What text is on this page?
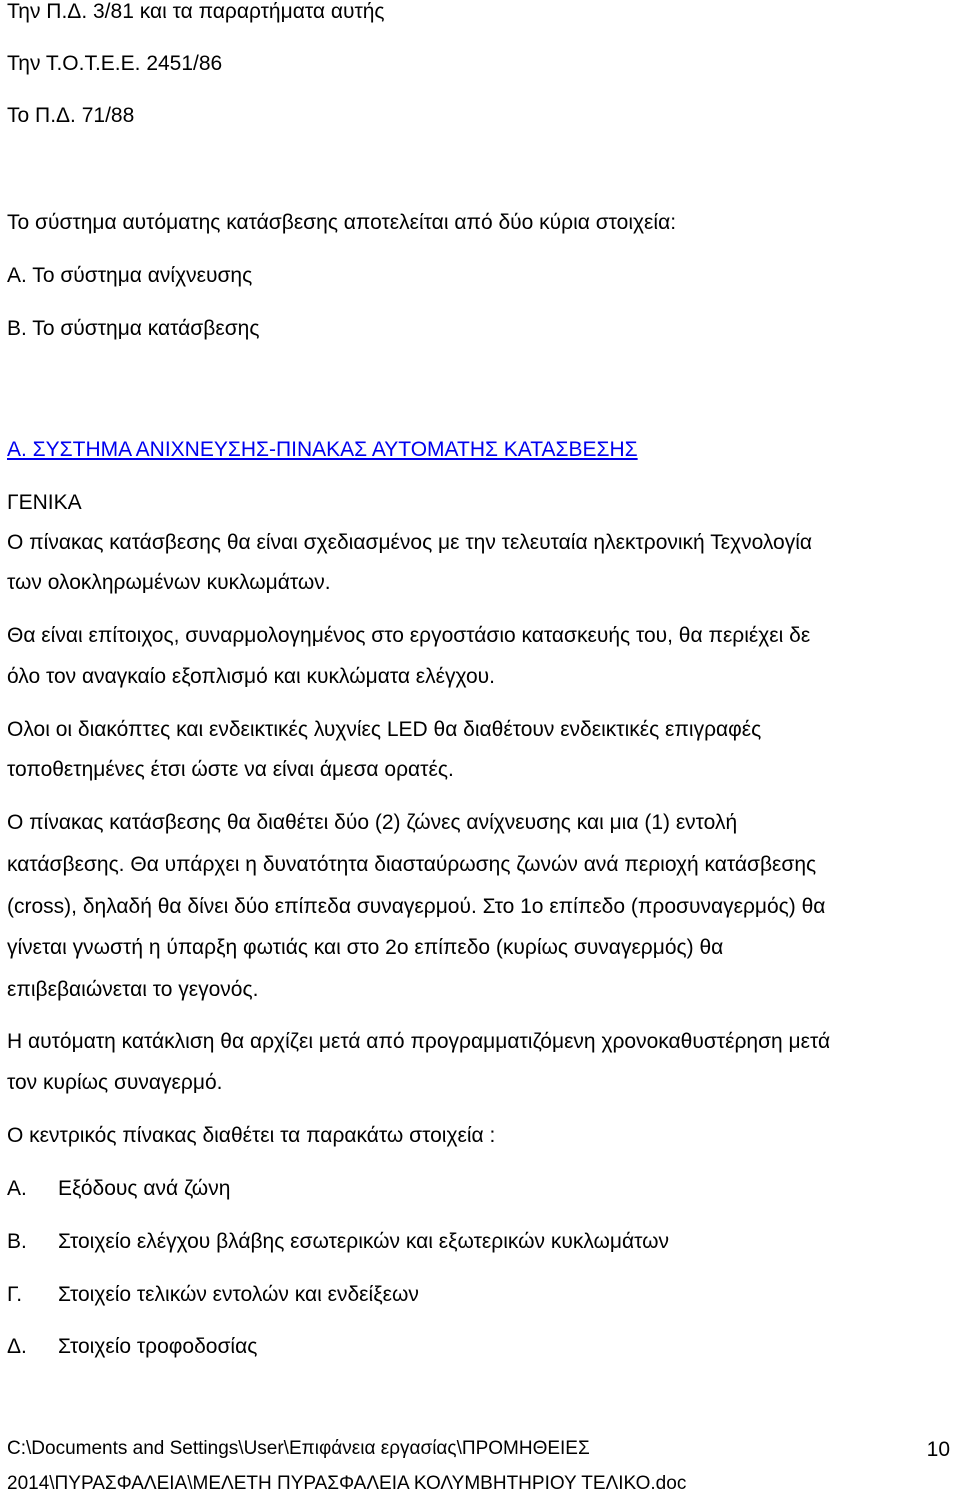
Την Π.Δ. 3/81 και τα παραρτήματα αυτής
Την Τ.Ο.Τ.Ε.Ε. 2451/86
Το Π.Δ. 71/88
Το σύστημα αυτόματης κατάσβεσης αποτελείται από δύο κύρια στοιχεία:
Α. Το σύστημα ανίχνευσης
Β. Το σύστημα κατάσβεσης
Α. ΣΥΣΤΗΜΑ ΑΝΙΧΝΕΥΣΗΣ-ΠΙΝΑΚΑΣ ΑΥΤΟΜΑΤΗΣ ΚΑΤΑΣΒΕΣΗΣ
ΓΕΝΙΚΑ
Ο πίνακας κατάσβεσης θα είναι σχεδιασμένος με την τελευταία ηλεκτρονική Τεχνολογία
των ολοκληρωμένων κυκλωμάτων.
Θα είναι επίτοιχος, συναρμολογημένος στο εργοστάσιο κατασκευής του, θα περιέχει δε
όλο τον αναγκαίο εξοπλισμό και κυκλώματα ελέγχου.
Ολοι οι διακόπτες και ενδεικτικές λυχνίες LED θα διαθέτουν ενδεικτικές επιγραφές
τοποθετημένες έτσι ώστε να είναι άμεσα ορατές.
Ο πίνακας κατάσβεσης θα διαθέτει δύο (2) ζώνες ανίχνευσης και μια (1) εντολή
κατάσβεσης. Θα υπάρχει η δυνατότητα διασταύρωσης ζωνών ανά περιοχή κατάσβεσης
(cross), δηλαδή θα δίνει δύο επίπεδα συναγερμού. Στο 1ο επίπεδο (προσυναγερμός) θα
γίνεται γνωστή η ύπαρξη φωτιάς και στο 2ο επίπεδο (κυρίως συναγερμός) θα
επιβεβαιώνεται το γεγονός.
Η αυτόματη κατάκλιση θα αρχίζει μετά από προγραμματιζόμενη χρονοκαθυστέρηση μετά
τον κυρίως συναγερμό.
Ο κεντρικός πίνακας διαθέτει τα παρακάτω στοιχεία :
Α. Εξόδους ανά ζώνη
Β. Στοιχείο ελέγχου βλάβης εσωτερικών και εξωτερικών κυκλωμάτων
Γ. Στοιχείο τελικών εντολών και ενδείξεων
Δ. Στοιχείο τροφοδοσίας
C:\Documents and Settings\User\Επιφάνεια εργασίας\ΠΡΟΜΗΘΕΙΕΣ
2014\ΠΥΡΑΣΦΑΛΕΙΑ\ΜΕΛΕΤΗ ΠΥΡΑΣΦΑΛΕΙΑ ΚΟΛΥΜΒΗΤΗΡΙΟΥ ΤΕΛΙΚΟ.doc
10
